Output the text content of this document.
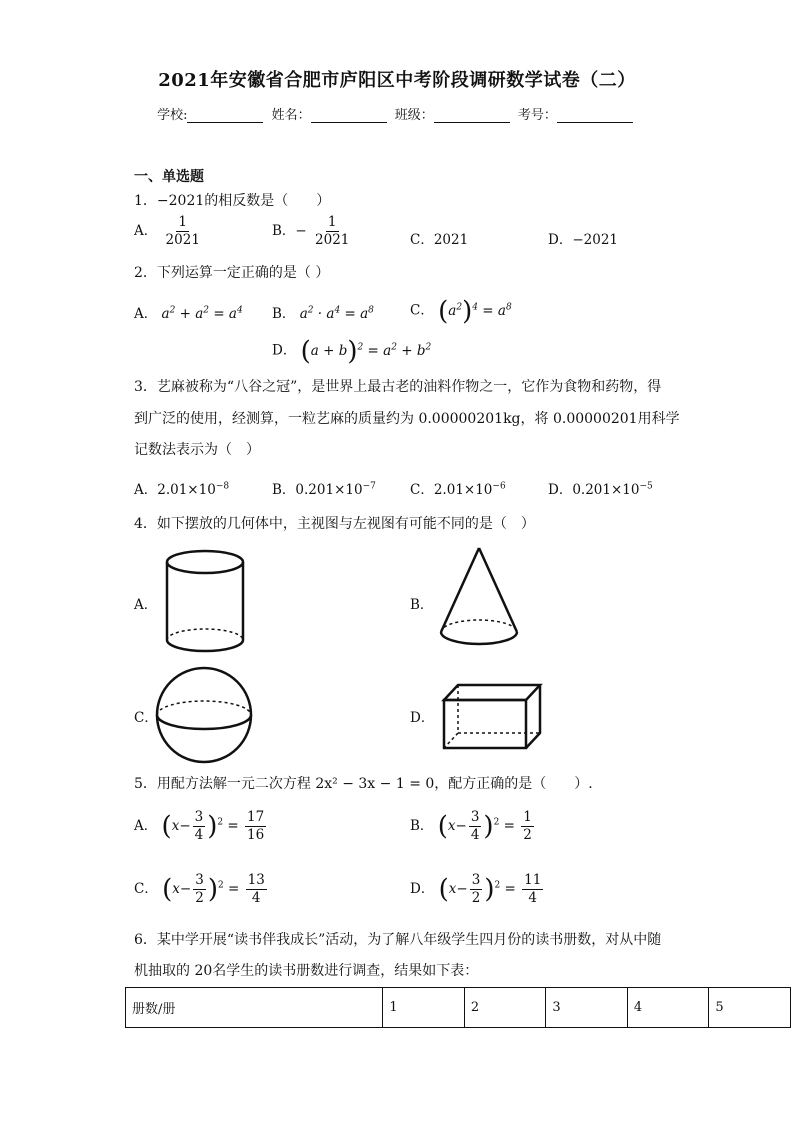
2021年安徽省合肥市庐阳区中考阶段调研数学试卷（二）
学校:	姓名：	班级：	考号：
一、单选题
1．−2021的相反数是（　　）
A． $\frac{1}{2021}$	B．− $\frac{1}{2021}$	C．2021	D．−2021
2．下列运算一定正确的是（ ）
A． $a^2 + a^2 = a^4$ B． $a^2 \cdot a^4 = a^8$	C． $(a^2)^4 = a^8$
D． $(a + b)^2 = a^2 + b^2$
3．艺麻被称为“八谷之冠”，是世界上最古老的油料作物之一，它作为食物和药物，得
到广泛的使用，经测算，一粒艺麻的质量约为 0.00000201kg，将 0.00000201用科学
记数法表示为（　）
A．$2.01\times 10^{-8}$	B．$0.201\times 10^{-7}$	C．$2.01\times 10^{-6}$	D．$0.201\times 10^{-5}$
4．如下摆放的几何体中，主视图与左视图有可能不同的是（　）
A．	B．
C．	D．
5．用配方法解一元二次方程 2x² − 3x − 1 = 0，配方正确的是（　　）.
A． $(x- \frac{3}{4} )^2 = \frac{17}{16}$	B． $(x- \frac{3}{4} )^2 = \frac{1}{2}$
C． $(x- \frac{3}{2} )^2 = \frac{13}{4}$	D． $(x- \frac{3}{2} )^2 = \frac{11}{4}$
6．某中学开展“读书伴我成长”活动，为了解八年级学生四月份的读书册数，对从中随
机抽取的 20名学生的读书册数进行调查，结果如下表：
册数/册	1	2	3	4	5
